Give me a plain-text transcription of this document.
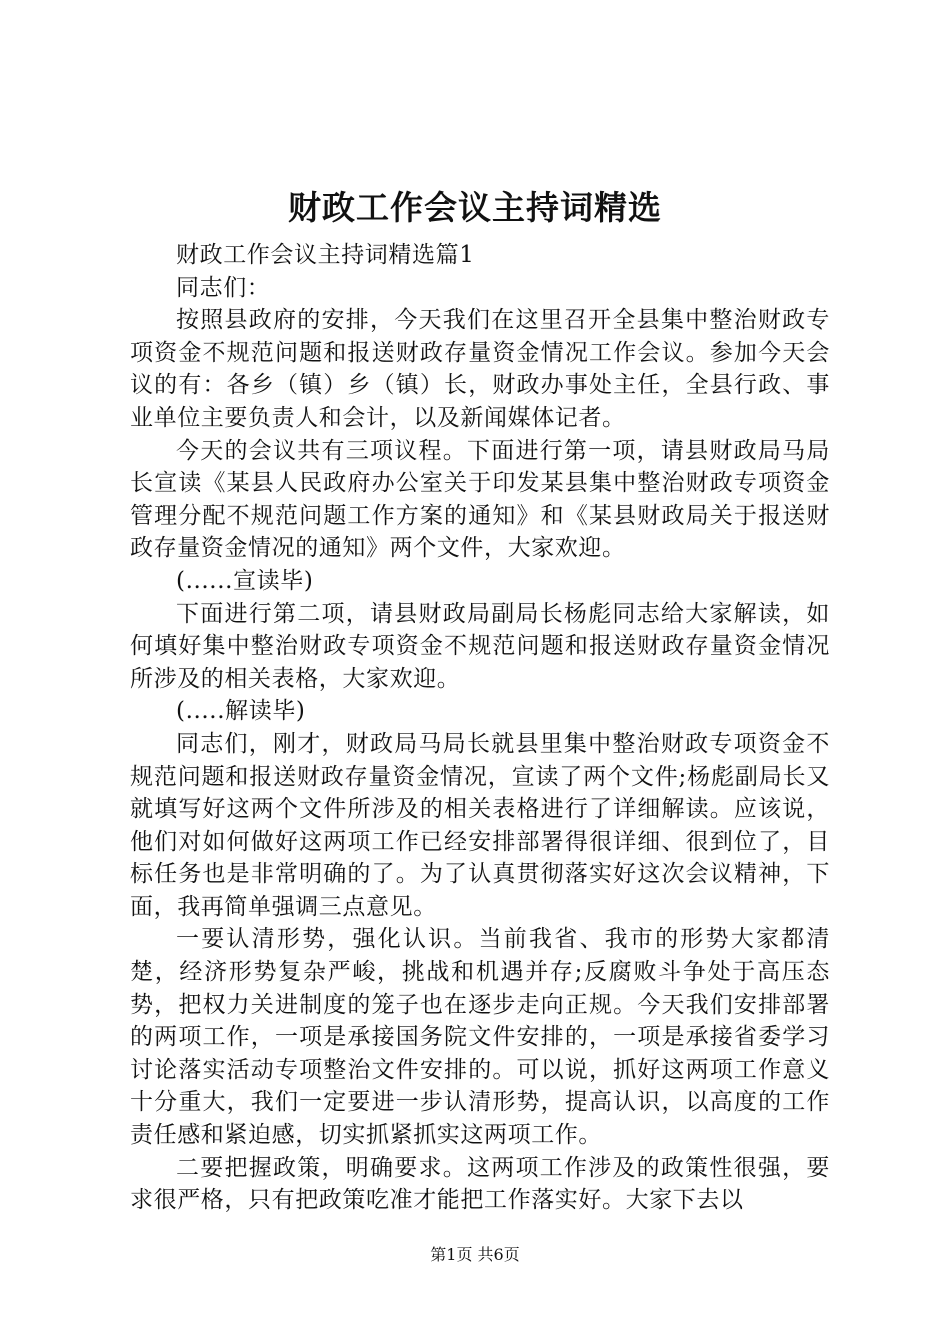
财政工作会议主持词精选

财政工作会议主持词精选篇1

同志们：

按照县政府的安排，今天我们在这里召开全县集中整治财政专项资金不规范问题和报送财政存量资金情况工作会议。参加今天会议的有：各乡（镇）乡（镇）长，财政办事处主任，全县行政、事业单位主要负责人和会计，以及新闻媒体记者。

今天的会议共有三项议程。下面进行第一项，请县财政局马局长宣读《某县人民政府办公室关于印发某县集中整治财政专项资金管理分配不规范问题工作方案的通知》和《某县财政局关于报送财政存量资金情况的通知》两个文件，大家欢迎。

(......宣读毕)

下面进行第二项，请县财政局副局长杨彪同志给大家解读，如何填好集中整治财政专项资金不规范问题和报送财政存量资金情况所涉及的相关表格，大家欢迎。

(.....解读毕)

同志们，刚才，财政局马局长就县里集中整治财政专项资金不规范问题和报送财政存量资金情况，宣读了两个文件;杨彪副局长又就填写好这两个文件所涉及的相关表格进行了详细解读。应该说，他们对如何做好这两项工作已经安排部署得很详细、很到位了，目标任务也是非常明确的了。为了认真贯彻落实好这次会议精神，下面，我再简单强调三点意见。

一要认清形势，强化认识。当前我省、我市的形势大家都清楚，经济形势复杂严峻，挑战和机遇并存;反腐败斗争处于高压态势，把权力关进制度的笼子也在逐步走向正规。今天我们安排部署的两项工作，一项是承接国务院文件安排的，一项是承接省委学习讨论落实活动专项整治文件安排的。可以说，抓好这两项工作意义十分重大，我们一定要进一步认清形势，提高认识，以高度的工作责任感和紧迫感，切实抓紧抓实这两项工作。

二要把握政策，明确要求。这两项工作涉及的政策性很强，要求很严格，只有把政策吃准才能把工作落实好。大家下去以

第1页 共6页
